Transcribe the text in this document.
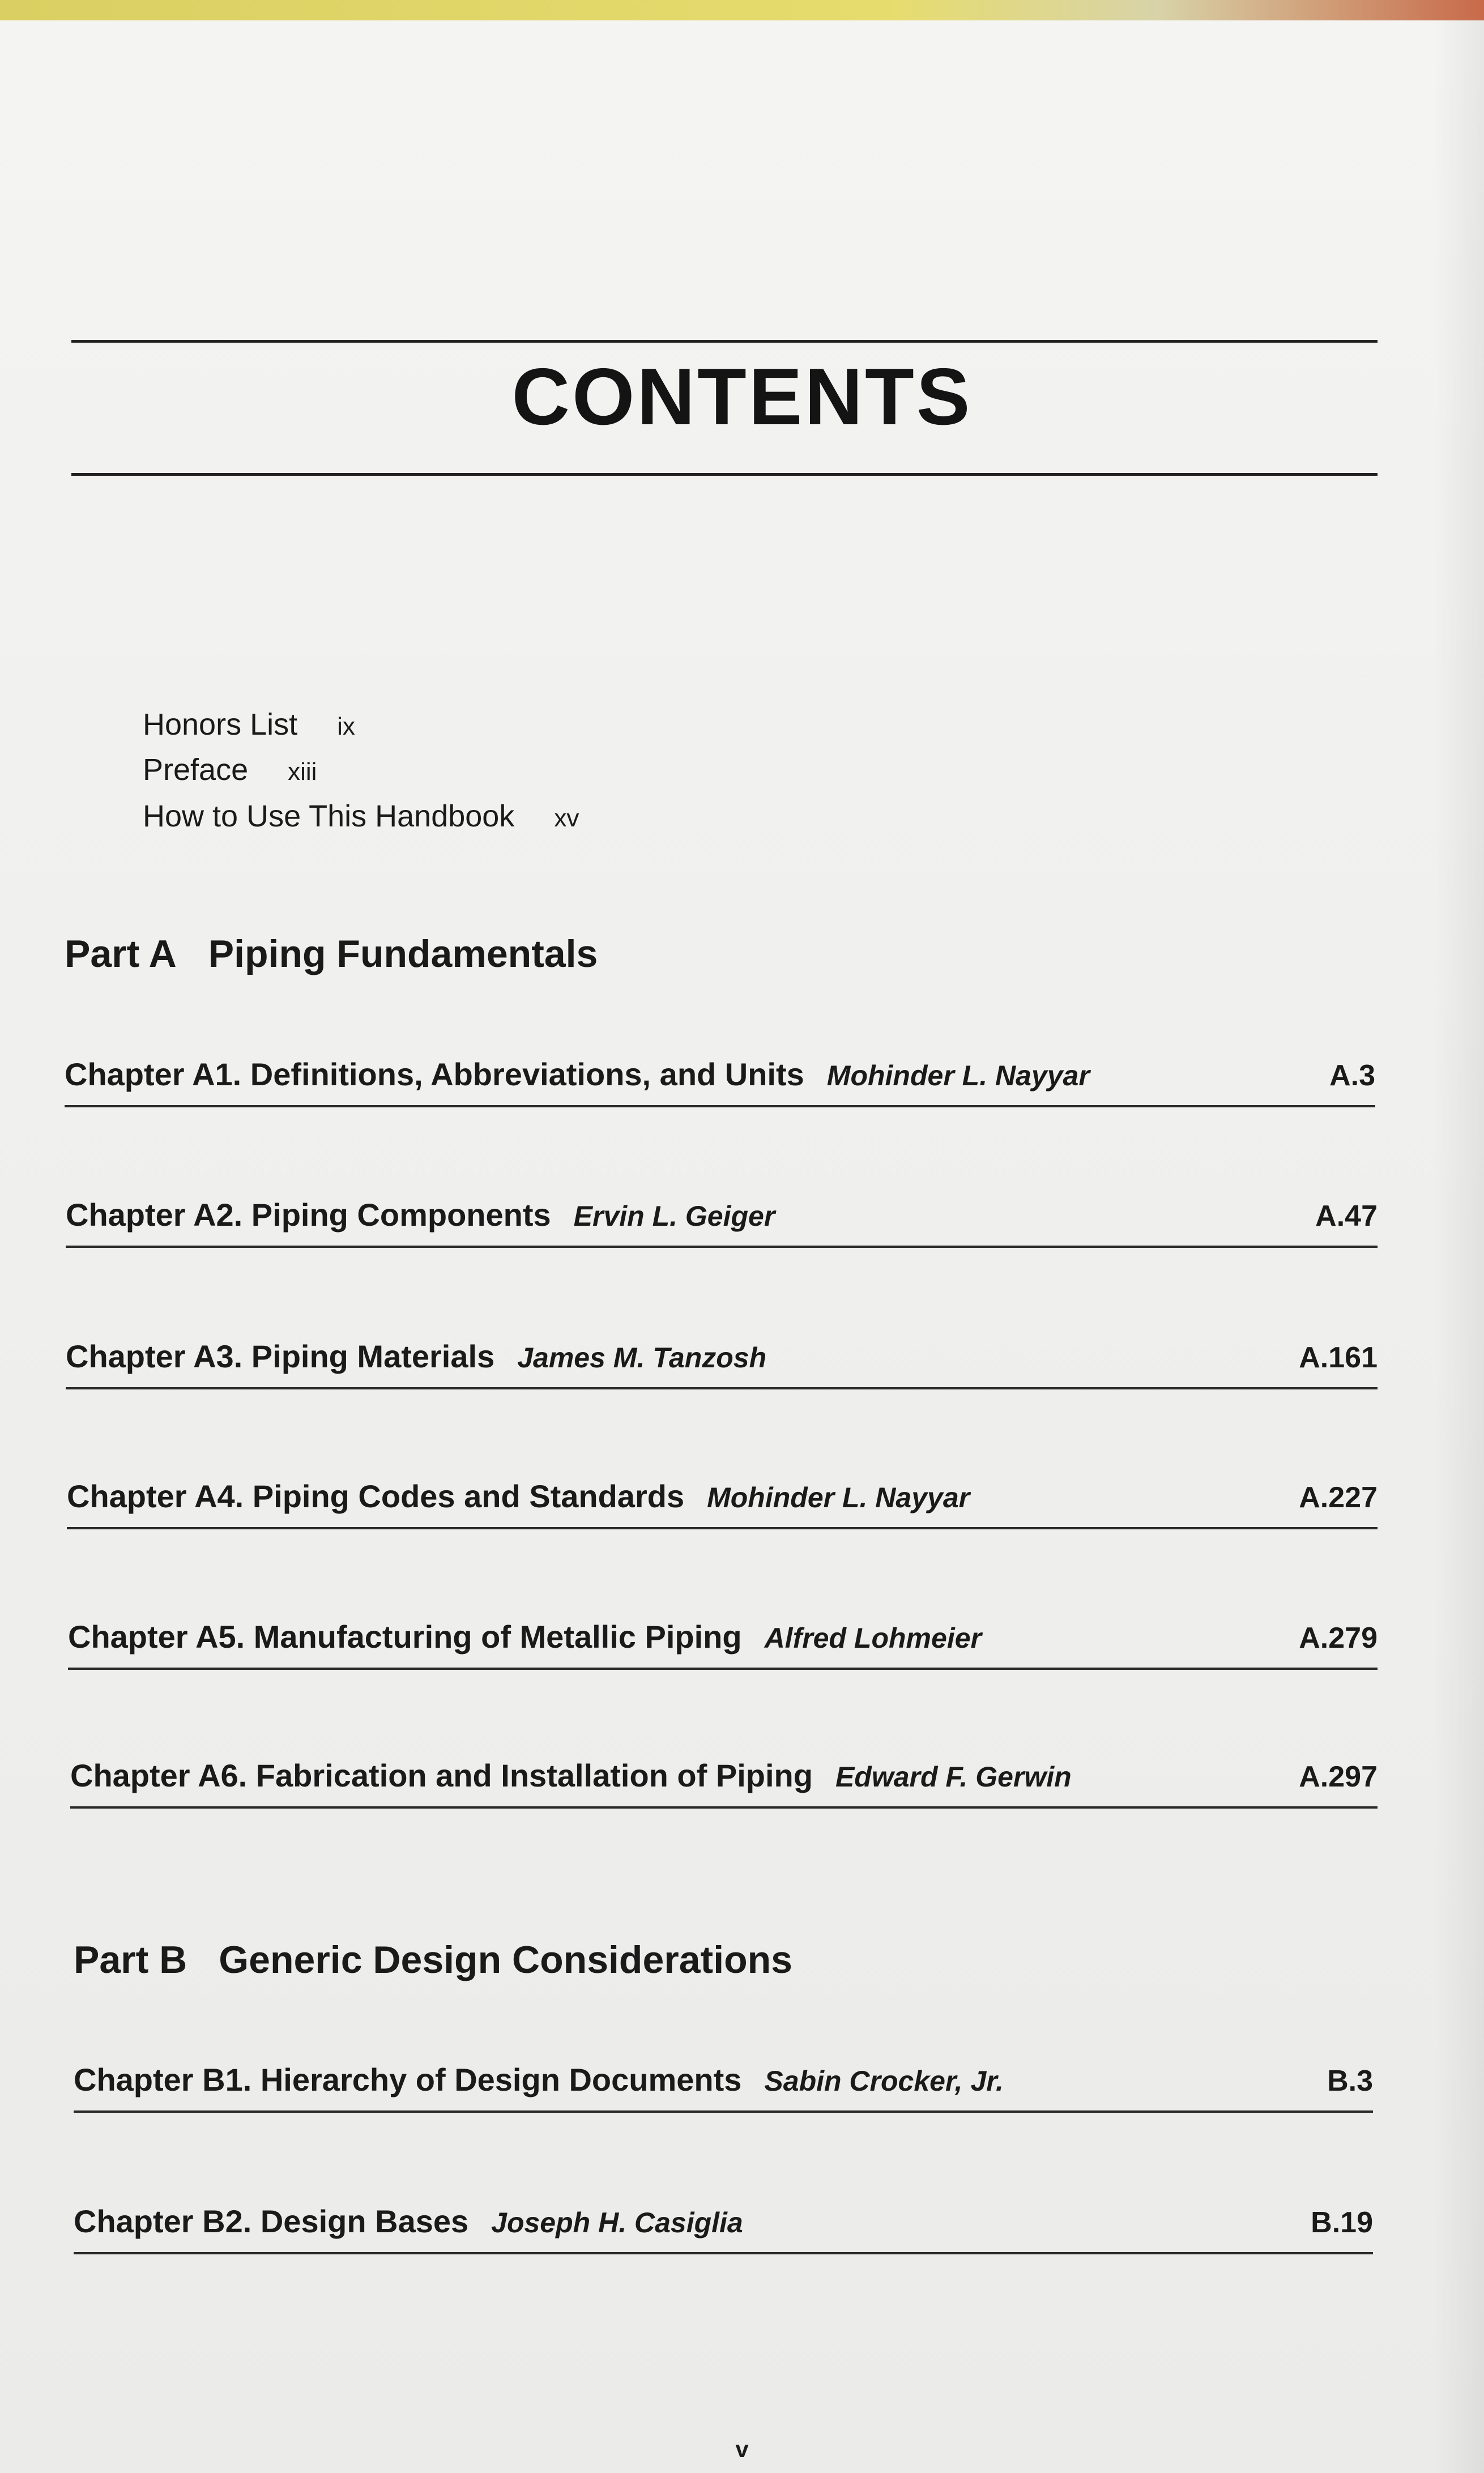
CONTENTS
Honors List ix
Preface xiii
How to Use This Handbook xv
Part A Piping Fundamentals
Chapter A1. Definitions, Abbreviations, and Units Mohinder L. Nayyar	A.3
Chapter A2. Piping Components Ervin L. Geiger	A.47
Chapter A3. Piping Materials James M. Tanzosh	A.161
Chapter A4. Piping Codes and Standards Mohinder L. Nayyar	A.227
Chapter A5. Manufacturing of Metallic Piping Alfred Lohmeier	A.279
Chapter A6. Fabrication and Installation of Piping Edward F. Gerwin	A.297
Part B Generic Design Considerations
Chapter B1. Hierarchy of Design Documents Sabin Crocker, Jr.	B.3
Chapter B2. Design Bases Joseph H. Casiglia	B.19
v
